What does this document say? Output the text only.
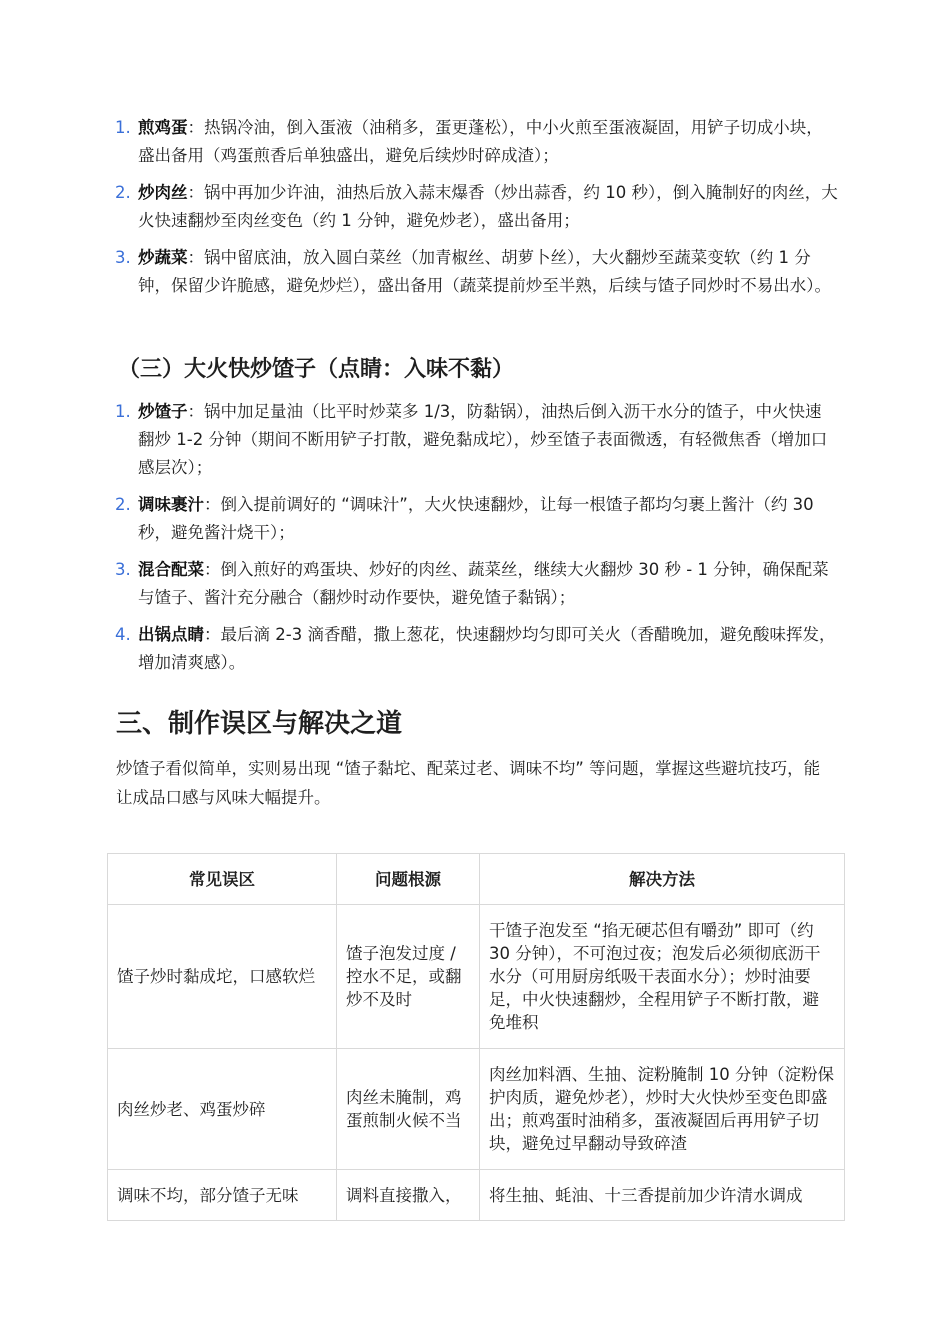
1. 煎鸡蛋：热锅冷油，倒入蛋液（油稍多，蛋更蓬松），中小火煎至蛋液凝固，用铲子切成小块，盛出备用（鸡蛋煎香后单独盛出，避免后续炒时碎成渣）；
2. 炒肉丝：锅中再加少许油，油热后放入蒜末爆香（炒出蒜香，约 10 秒），倒入腌制好的肉丝，大火快速翻炒至肉丝变色（约 1 分钟，避免炒老），盛出备用；
3. 炒蔬菜：锅中留底油，放入圆白菜丝（加青椒丝、胡萝卜丝），大火翻炒至蔬菜变软（约 1 分钟，保留少许脆感，避免炒烂），盛出备用（蔬菜提前炒至半熟，后续与馇子同炒时不易出水）。
（三）大火快炒馇子（点睛：入味不黏）
1. 炒馇子：锅中加足量油（比平时炒菜多 1/3，防黏锅），油热后倒入沥干水分的馇子，中火快速翻炒 1-2 分钟（期间不断用铲子打散，避免黏成坨），炒至馇子表面微透，有轻微焦香（增加口感层次）；
2. 调味裹汁：倒入提前调好的 “调味汁”，大火快速翻炒，让每一根馇子都均匀裹上酱汁（约 30 秒，避免酱汁烧干）；
3. 混合配菜：倒入煎好的鸡蛋块、炒好的肉丝、蔬菜丝，继续大火翻炒 30 秒 - 1 分钟，确保配菜与馇子、酱汁充分融合（翻炒时动作要快，避免馇子黏锅）；
4. 出锅点睛：最后滴 2-3 滴香醋，撒上葱花，快速翻炒均匀即可关火（香醋晚加，避免酸味挥发，增加清爽感）。
三、制作误区与解决之道

炒馇子看似简单，实则易出现 “馇子黏坨、配菜过老、调味不均” 等问题，掌握这些避坑技巧，能让成品口感与风味大幅提升。

常见误区	问题根源	解决方法
馇子炒时黏成坨，口感软烂	馇子泡发过度 / 控水不足，或翻炒不及时	干馇子泡发至 “掐无硬芯但有嚼劲” 即可（约 30 分钟），不可泡过夜；泡发后必须彻底沥干水分（可用厨房纸吸干表面水分）；炒时油要足，中火快速翻炒，全程用铲子不断打散，避免堆积
肉丝炒老、鸡蛋炒碎	肉丝未腌制，鸡蛋煎制火候不当	肉丝加料酒、生抽、淀粉腌制 10 分钟（淀粉保护肉质，避免炒老），炒时大火快炒至变色即盛出；煎鸡蛋时油稍多，蛋液凝固后再用铲子切块，避免过早翻动导致碎渣
调味不均，部分馇子无味	调料直接撒入，	将生抽、蚝油、十三香提前加少许清水调成
